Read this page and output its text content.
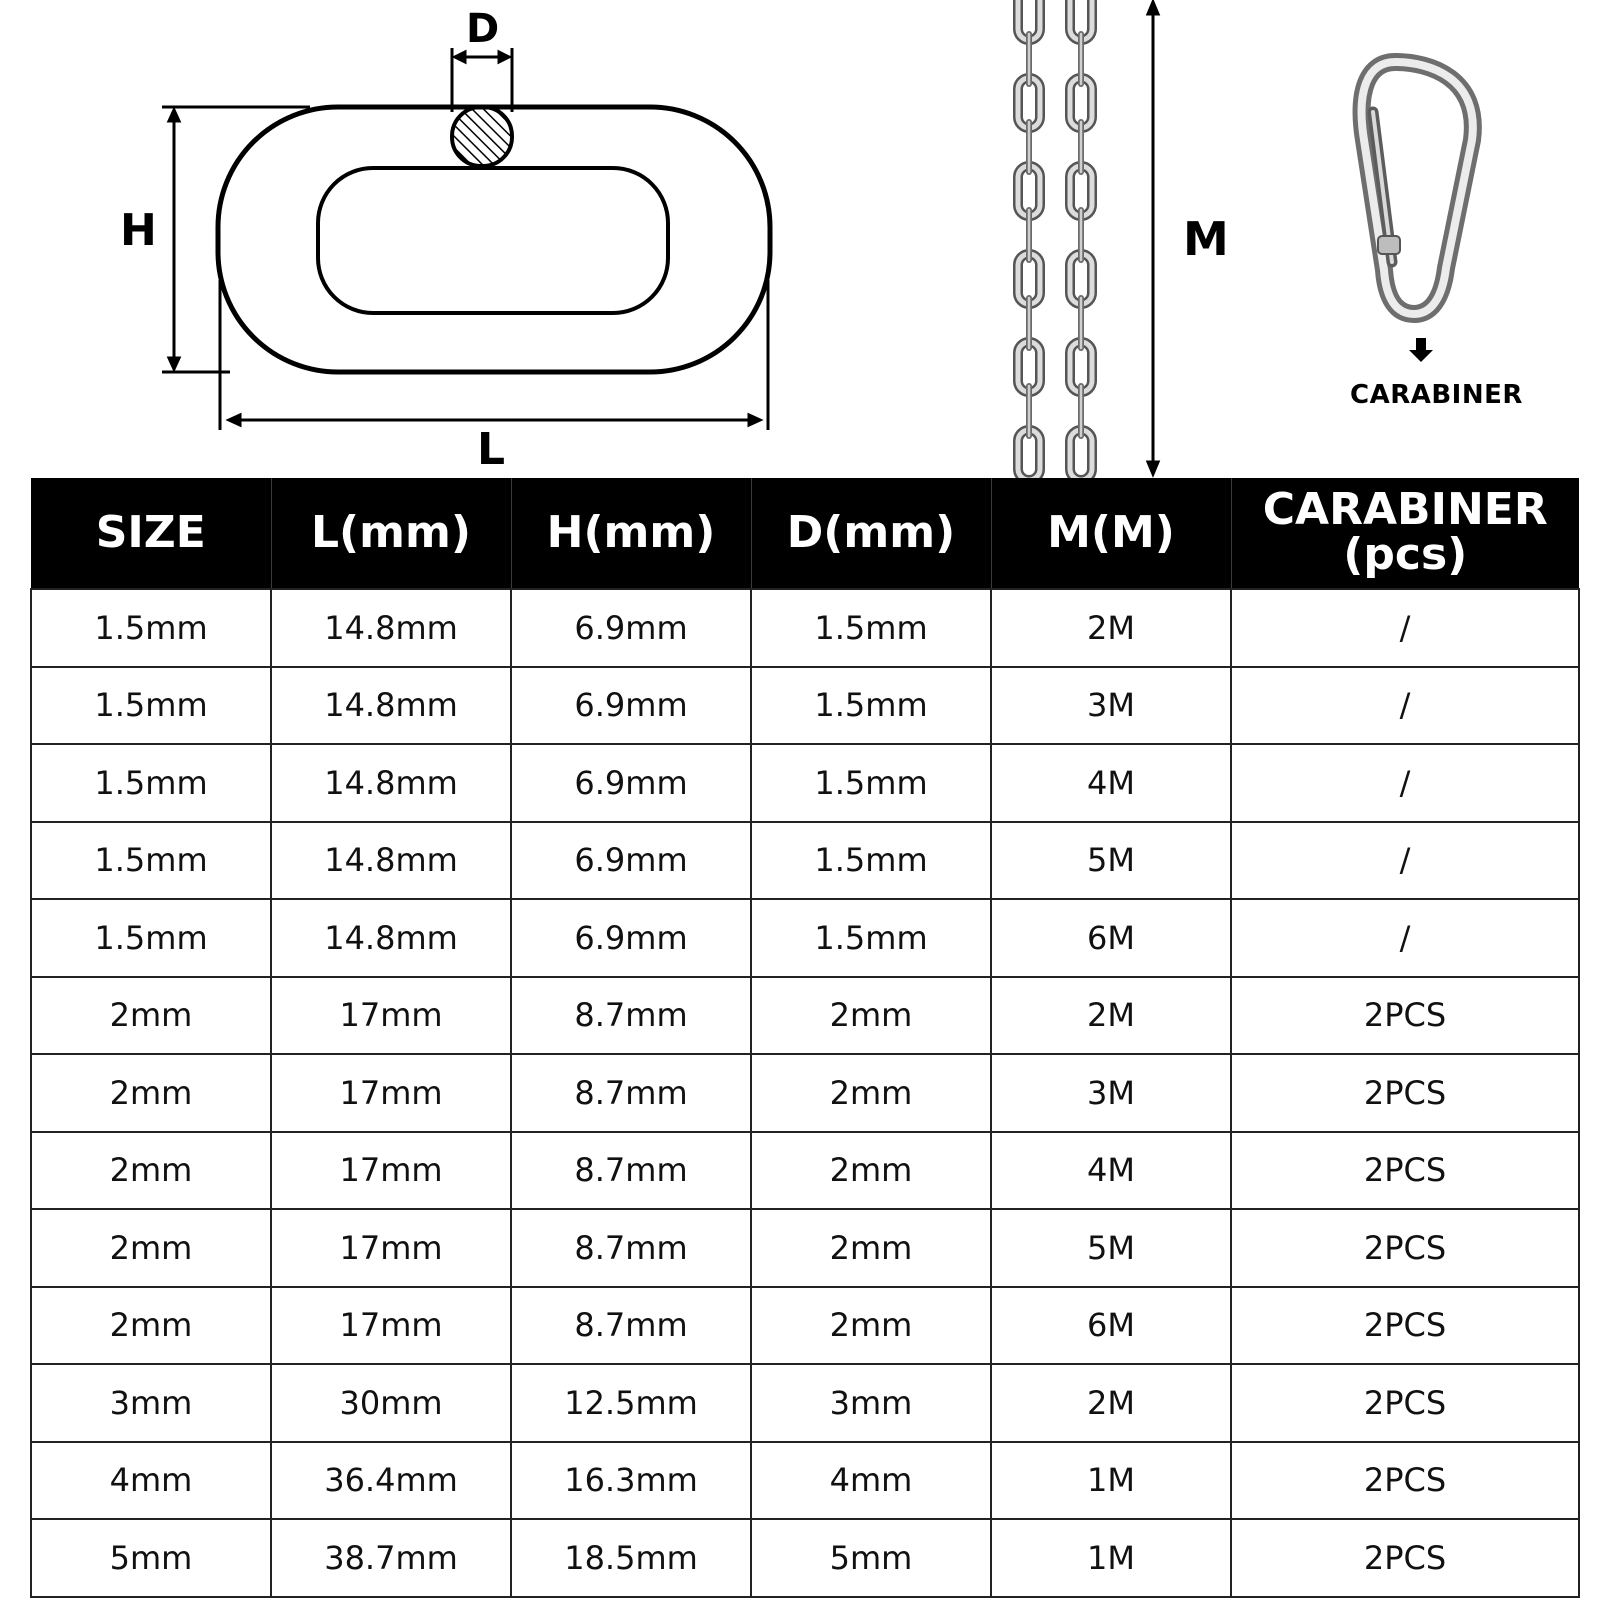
D
H
L
M
CARABINER
SIZE	L(mm)	H(mm)	D(mm)	M(M)	CARABINER
(pcs)

1.5mm	14.8mm	6.9mm	1.5mm	2M	/
1.5mm	14.8mm	6.9mm	1.5mm	3M	/
1.5mm	14.8mm	6.9mm	1.5mm	4M	/
1.5mm	14.8mm	6.9mm	1.5mm	5M	/
1.5mm	14.8mm	6.9mm	1.5mm	6M	/
2mm	17mm	8.7mm	2mm	2M	2PCS
2mm	17mm	8.7mm	2mm	3M	2PCS
2mm	17mm	8.7mm	2mm	4M	2PCS
2mm	17mm	8.7mm	2mm	5M	2PCS
2mm	17mm	8.7mm	2mm	6M	2PCS
3mm	30mm	12.5mm	3mm	2M	2PCS
4mm	36.4mm	16.3mm	4mm	1M	2PCS
5mm	38.7mm	18.5mm	5mm	1M	2PCS
